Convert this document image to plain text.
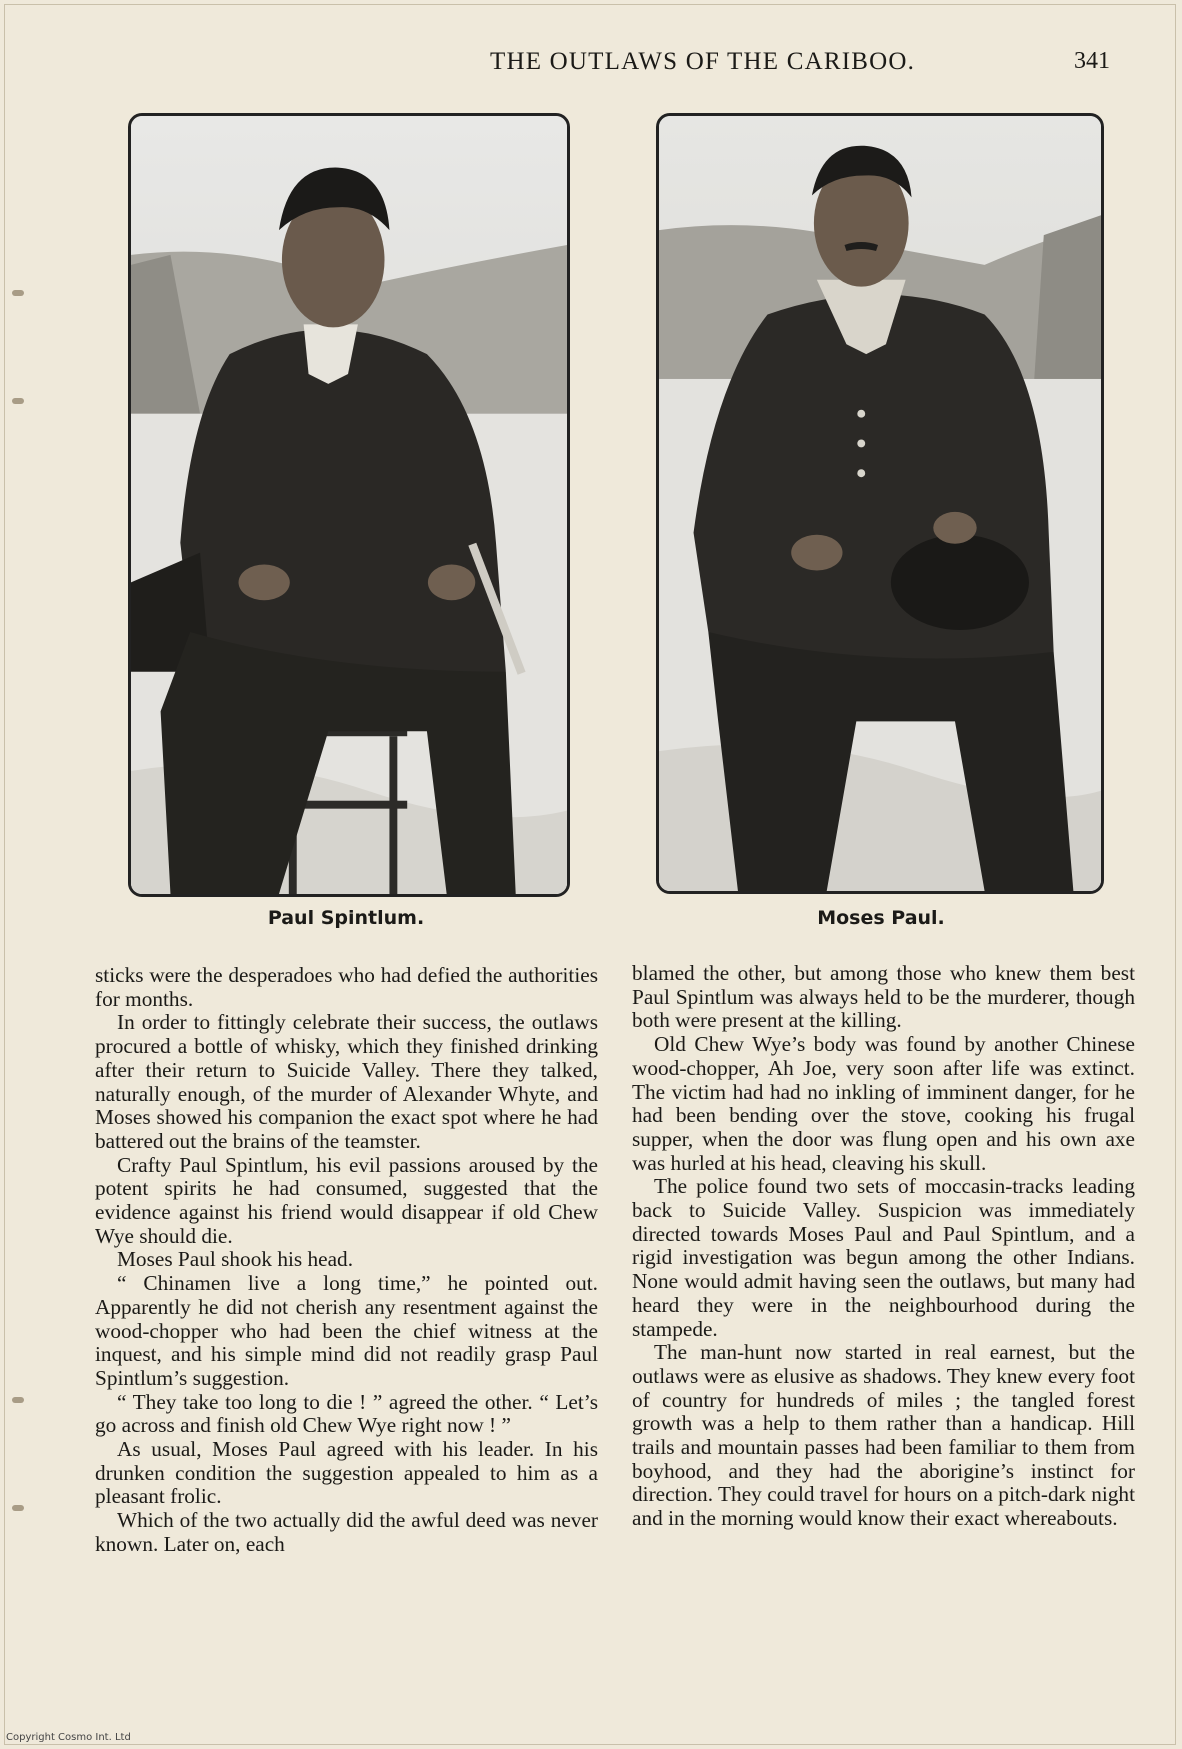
THE OUTLAWS OF THE CARIBOO.	341
Paul Spintlum.	Moses Paul.

sticks were the desperadoes who had defied the authorities for months.

In order to fittingly celebrate their success, the outlaws procured a bottle of whisky, which they finished drinking after their return to Suicide Valley. There they talked, naturally enough, of the murder of Alexander Whyte, and Moses showed his companion the exact spot where he had battered out the brains of the teamster.

Crafty Paul Spintlum, his evil passions aroused by the potent spirits he had consumed, suggested that the evidence against his friend would disappear if old Chew Wye should die.

Moses Paul shook his head.

“ Chinamen live a long time,” he pointed out. Apparently he did not cherish any resentment against the wood-chopper who had been the chief witness at the inquest, and his simple mind did not readily grasp Paul Spintlum’s suggestion.

“ They take too long to die ! ” agreed the other. “ Let’s go across and finish old Chew Wye right now ! ”

As usual, Moses Paul agreed with his leader. In his drunken condition the suggestion appealed to him as a pleasant frolic.

Which of the two actually did the awful deed was never known. Later on, each

blamed the other, but among those who knew them best Paul Spintlum was always held to be the murderer, though both were present at the killing.

Old Chew Wye’s body was found by another Chinese wood-chopper, Ah Joe, very soon after life was extinct. The victim had had no inkling of imminent danger, for he had been bending over the stove, cooking his frugal supper, when the door was flung open and his own axe was hurled at his head, cleaving his skull.

The police found two sets of moccasin-tracks leading back to Suicide Valley. Suspicion was immediately directed towards Moses Paul and Paul Spintlum, and a rigid investigation was begun among the other Indians. None would admit having seen the outlaws, but many had heard they were in the neighbourhood during the stampede.

The man-hunt now started in real earnest, but the outlaws were as elusive as shadows. They knew every foot of country for hundreds of miles ; the tangled forest growth was a help to them rather than a handicap. Hill trails and mountain passes had been familiar to them from boyhood, and they had the aborigine’s instinct for direction. They could travel for hours on a pitch-dark night and in the morning would know their exact whereabouts.

Copyright Cosmo Int. Ltd
